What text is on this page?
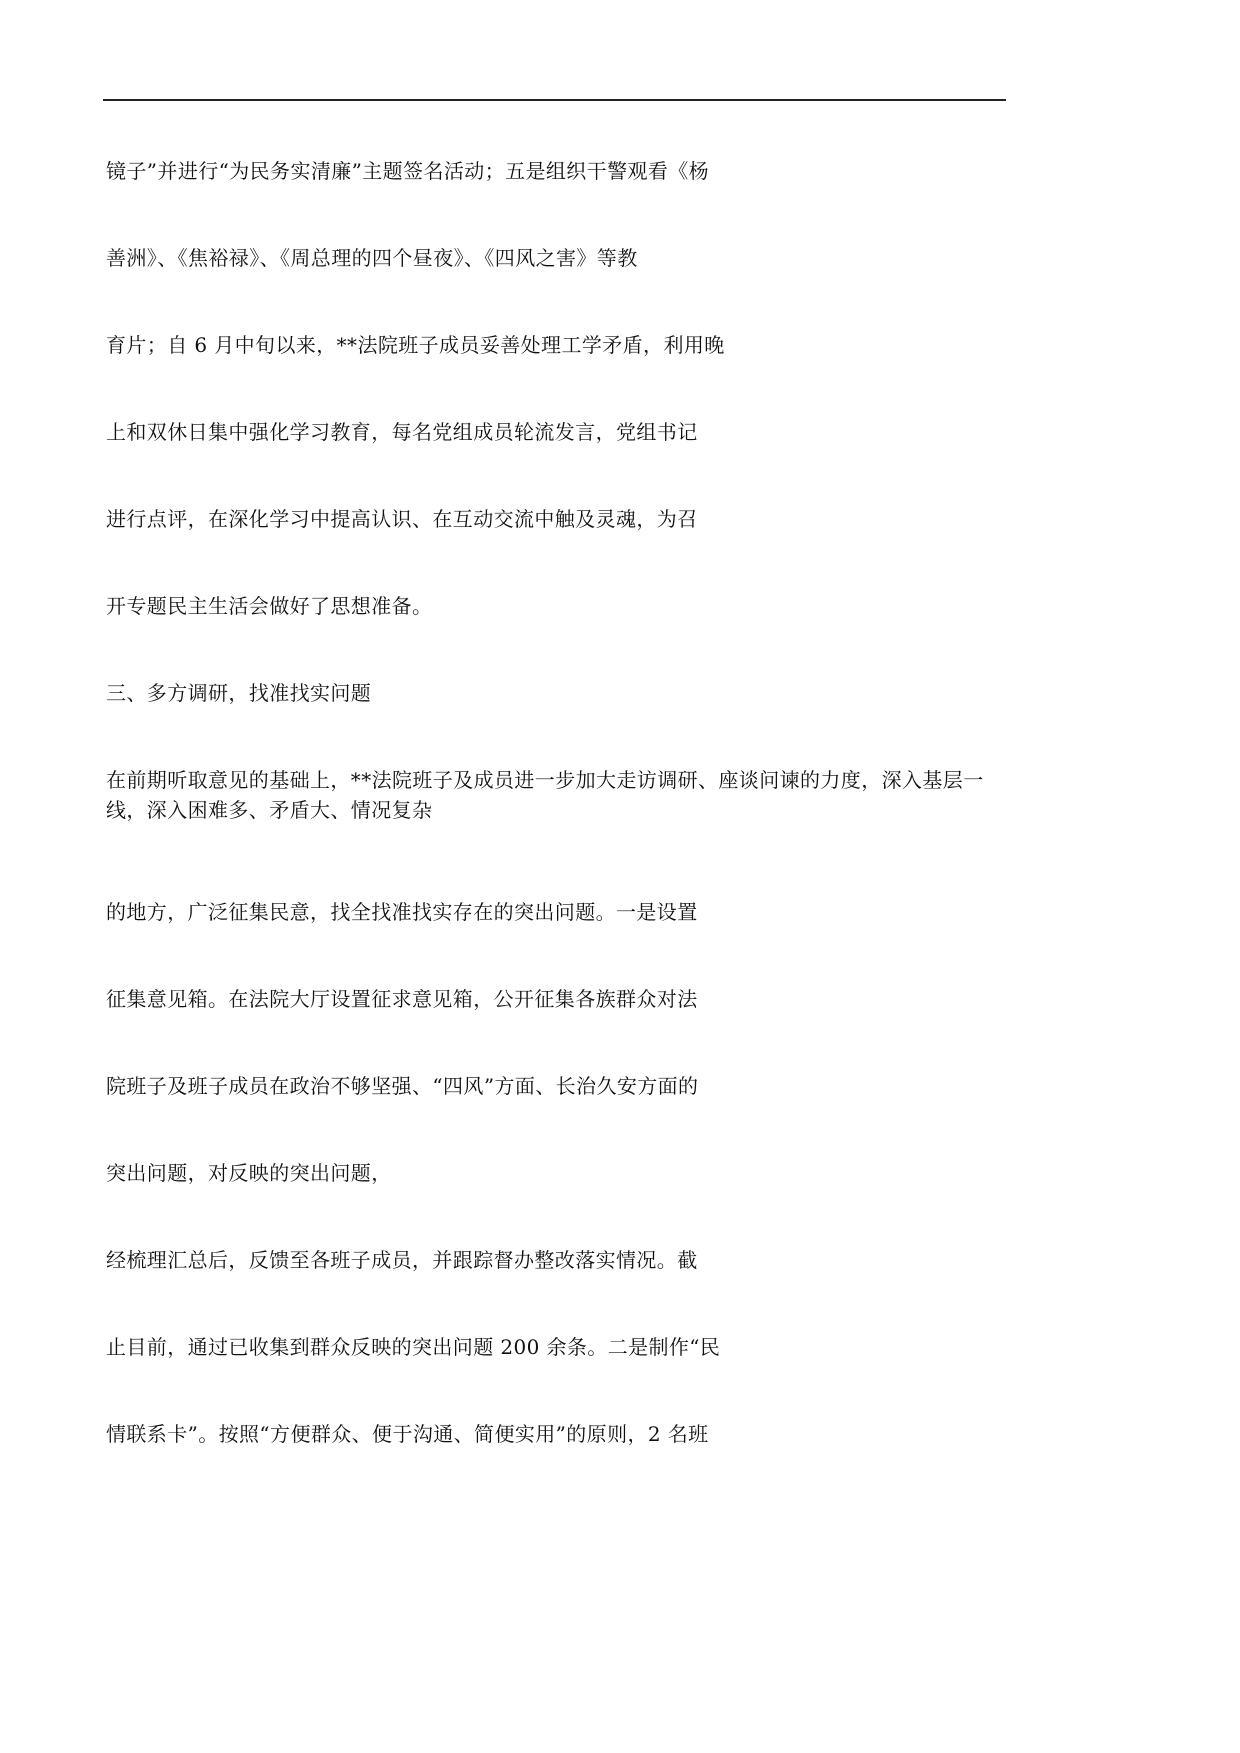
镜子”并进行“为民务实清廉”主题签名活动；五是组织干警观看《杨
善洲》、《焦裕禄》、《周总理的四个昼夜》、《四风之害》等教
育片；自 6 月中旬以来，**法院班子成员妥善处理工学矛盾，利用晚
上和双休日集中强化学习教育，每名党组成员轮流发言，党组书记
进行点评，在深化学习中提高认识、在互动交流中触及灵魂，为召
开专题民主生活会做好了思想准备。
三、多方调研，找准找实问题
在前期听取意见的基础上，**法院班子及成员进一步加大走访调研、座谈问谏的力度，深入基层一线，深入困难多、矛盾大、情况复杂
的地方，广泛征集民意，找全找准找实存在的突出问题。一是设置
征集意见箱。在法院大厅设置征求意见箱，公开征集各族群众对法
院班子及班子成员在政治不够坚强、“四风”方面、长治久安方面的
突出问题，对反映的突出问题，
经梳理汇总后，反馈至各班子成员，并跟踪督办整改落实情况。截
止目前，通过已收集到群众反映的突出问题 200 余条。二是制作“民
情联系卡”。按照“方便群众、便于沟通、简便实用”的原则，2 名班
